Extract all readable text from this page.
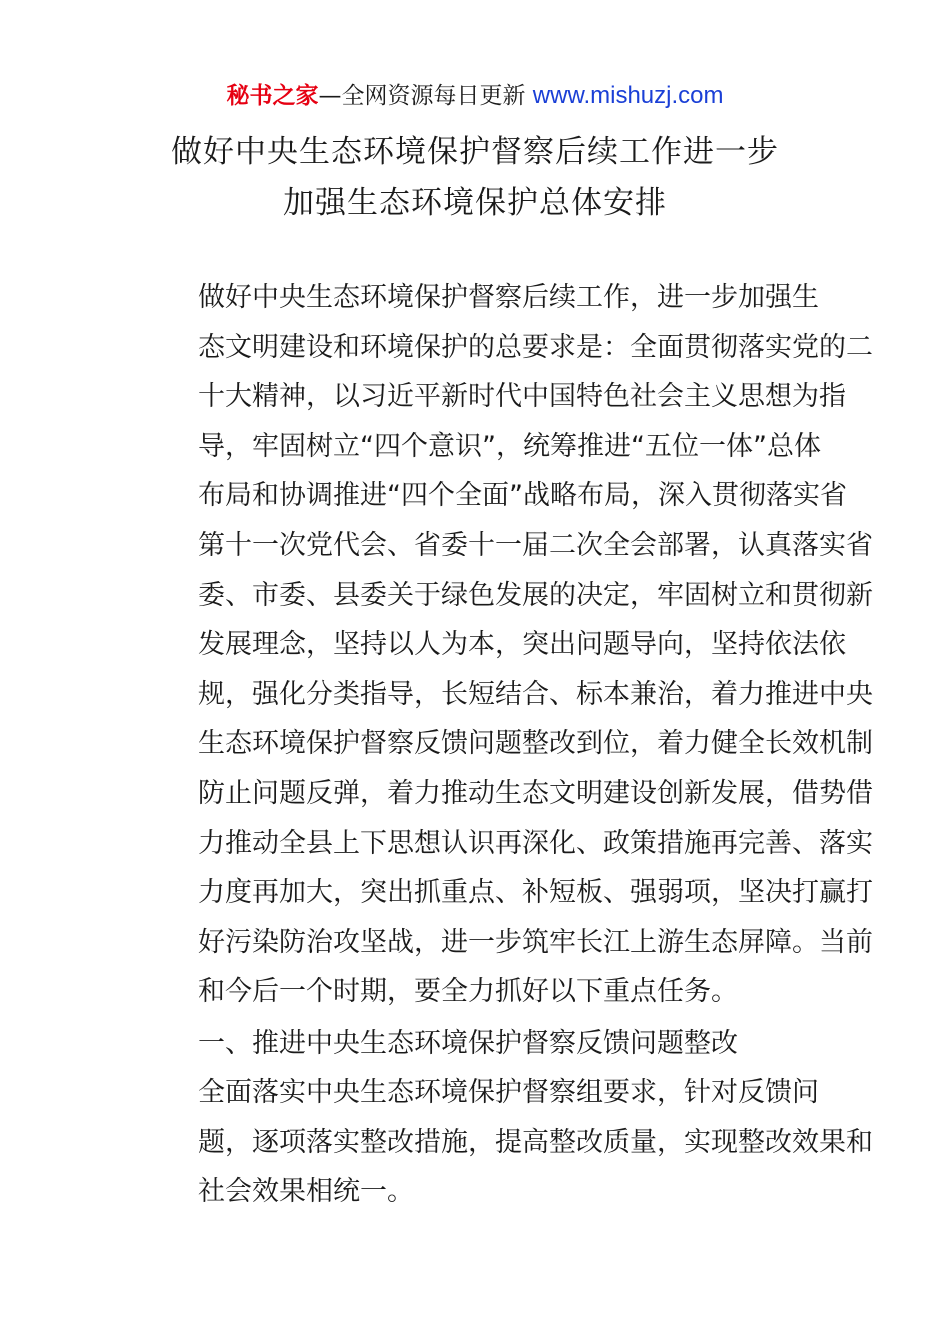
秘书之家—全网资源每日更新 www.mishuzj.com
做好中央生态环境保护督察后续工作进一步
加强生态环境保护总体安排
做好中央生态环境保护督察后续工作，进一步加强生
态文明建设和环境保护的总要求是：全面贯彻落实党的二
十大精神，以习近平新时代中国特色社会主义思想为指
导，牢固树立“四个意识”，统筹推进“五位一体”总体
布局和协调推进“四个全面”战略布局，深入贯彻落实省
第十一次党代会、省委十一届二次全会部署，认真落实省
委、市委、县委关于绿色发展的决定，牢固树立和贯彻新
发展理念，坚持以人为本，突出问题导向，坚持依法依
规，强化分类指导，长短结合、标本兼治，着力推进中央
生态环境保护督察反馈问题整改到位，着力健全长效机制
防止问题反弹，着力推动生态文明建设创新发展，借势借
力推动全县上下思想认识再深化、政策措施再完善、落实
力度再加大，突出抓重点、补短板、强弱项，坚决打赢打
好污染防治攻坚战，进一步筑牢长江上游生态屏障。当前
和今后一个时期，要全力抓好以下重点任务。
一、推进中央生态环境保护督察反馈问题整改
全面落实中央生态环境保护督察组要求，针对反馈问
题，逐项落实整改措施，提高整改质量，实现整改效果和
社会效果相统一。
